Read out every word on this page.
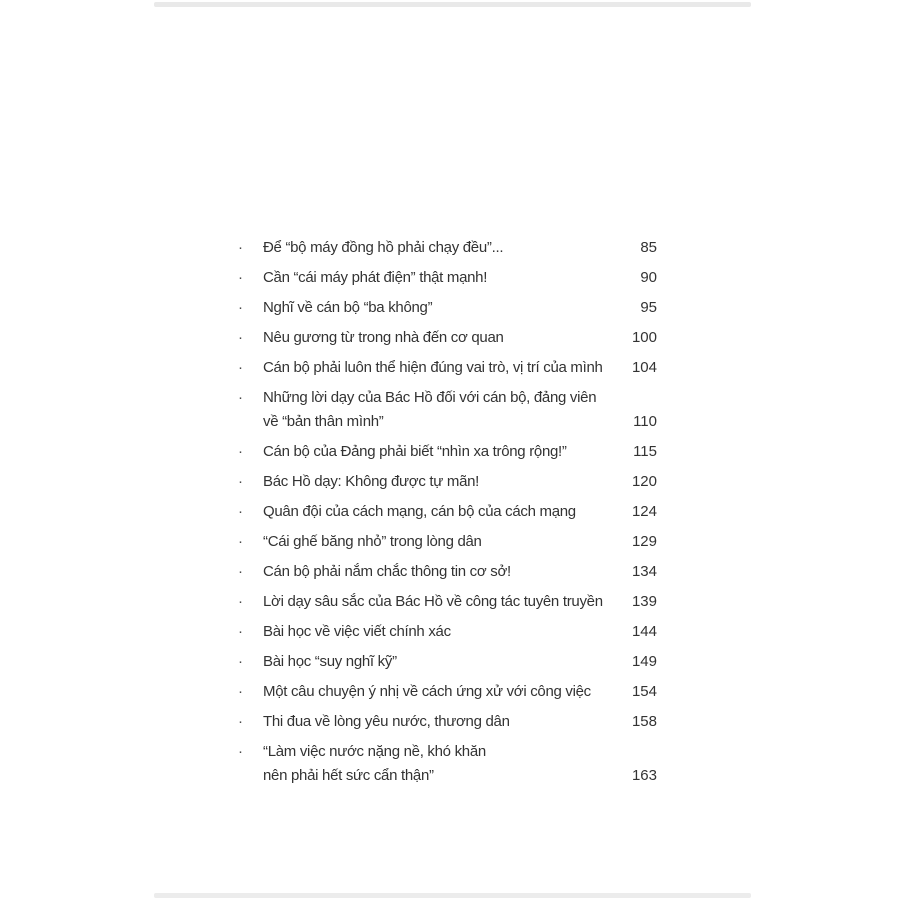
·	Để “bộ máy đồng hồ phải chạy đều”...	85
·	Cần “cái máy phát điện” thật mạnh!	90
·	Nghĩ về cán bộ “ba không”	95
·	Nêu gương từ trong nhà đến cơ quan	100
·	Cán bộ phải luôn thể hiện đúng vai trò, vị trí của mình	104
·	Những lời dạy của Bác Hồ đối với cán bộ, đảng viên
về “bản thân mình”	110
·	Cán bộ của Đảng phải biết “nhìn xa trông rộng!”	115
·	Bác Hồ dạy: Không được tự mãn!	120
·	Quân đội của cách mạng, cán bộ của cách mạng	124
·	“Cái ghế băng nhỏ” trong lòng dân	129
·	Cán bộ phải nắm chắc thông tin cơ sở!	134
·	Lời dạy sâu sắc của Bác Hồ về công tác tuyên truyền	139
·	Bài học về việc viết chính xác	144
·	Bài học “suy nghĩ kỹ”	149
·	Một câu chuyện ý nhị về cách ứng xử với công việc	154
·	Thi đua về lòng yêu nước, thương dân	158
·	“Làm việc nước nặng nề, khó khăn
nên phải hết sức cẩn thận”	163
